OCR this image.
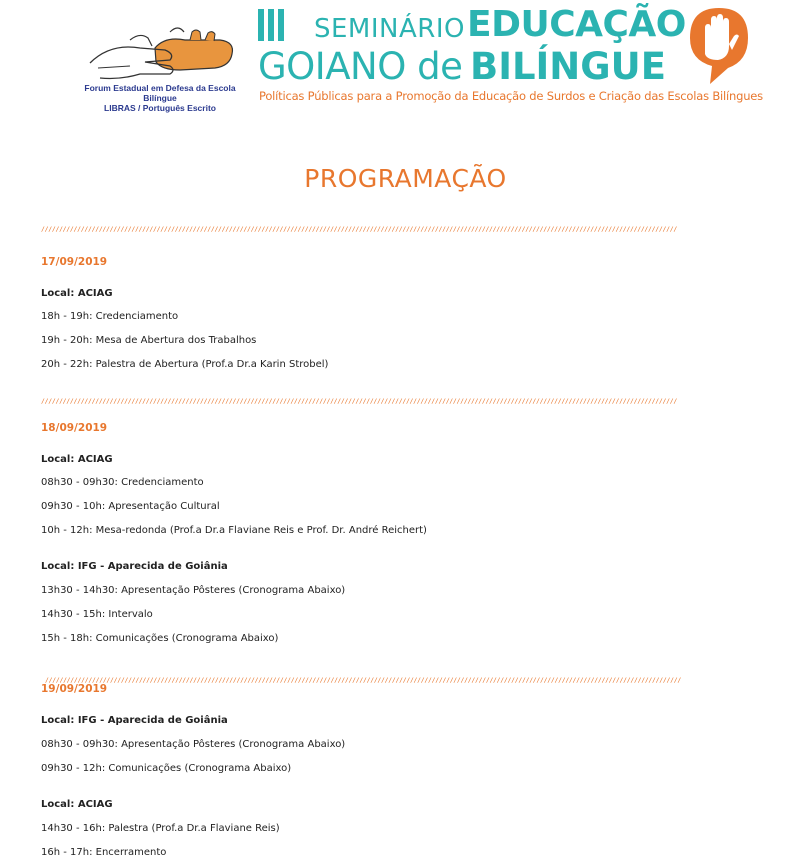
Forum Estadual em Defesa da Escola Bilíngue
LIBRAS / Português Escrito
SEMINÁRIO
GOIANO de
EDUCAÇÃO
BILÍNGUE
Políticas Públicas para a Promoção da Educação de Surdos e Criação das Escolas Bilíngues
PROGRAMAÇÃO
////////////////////////////////////////////////////////////////////////////////////////////////////////////////////////////////////////////////////////////////////////////////
17/09/2019
Local: ACIAG
18h - 19h: Credenciamento
19h - 20h: Mesa de Abertura dos Trabalhos
20h - 22h: Palestra de Abertura (Prof.a Dr.a Karin Strobel)
////////////////////////////////////////////////////////////////////////////////////////////////////////////////////////////////////////////////////////////////////////////////
18/09/2019
Local: ACIAG
08h30 - 09h30: Credenciamento
09h30 - 10h: Apresentação Cultural
10h - 12h: Mesa-redonda (Prof.a Dr.a Flaviane Reis e Prof. Dr. André Reichert)
Local: IFG - Aparecida de Goiânia
13h30 - 14h30: Apresentação Pôsteres (Cronograma Abaixo)
14h30 - 15h: Intervalo
15h - 18h: Comunicações (Cronograma Abaixo)
////////////////////////////////////////////////////////////////////////////////////////////////////////////////////////////////////////////////////////////////////////////////
19/09/2019
Local: IFG - Aparecida de Goiânia
08h30 - 09h30: Apresentação Pôsteres (Cronograma Abaixo)
09h30 - 12h: Comunicações (Cronograma Abaixo)
Local: ACIAG
14h30 - 16h: Palestra (Prof.a Dr.a Flaviane Reis)
16h - 17h: Encerramento
